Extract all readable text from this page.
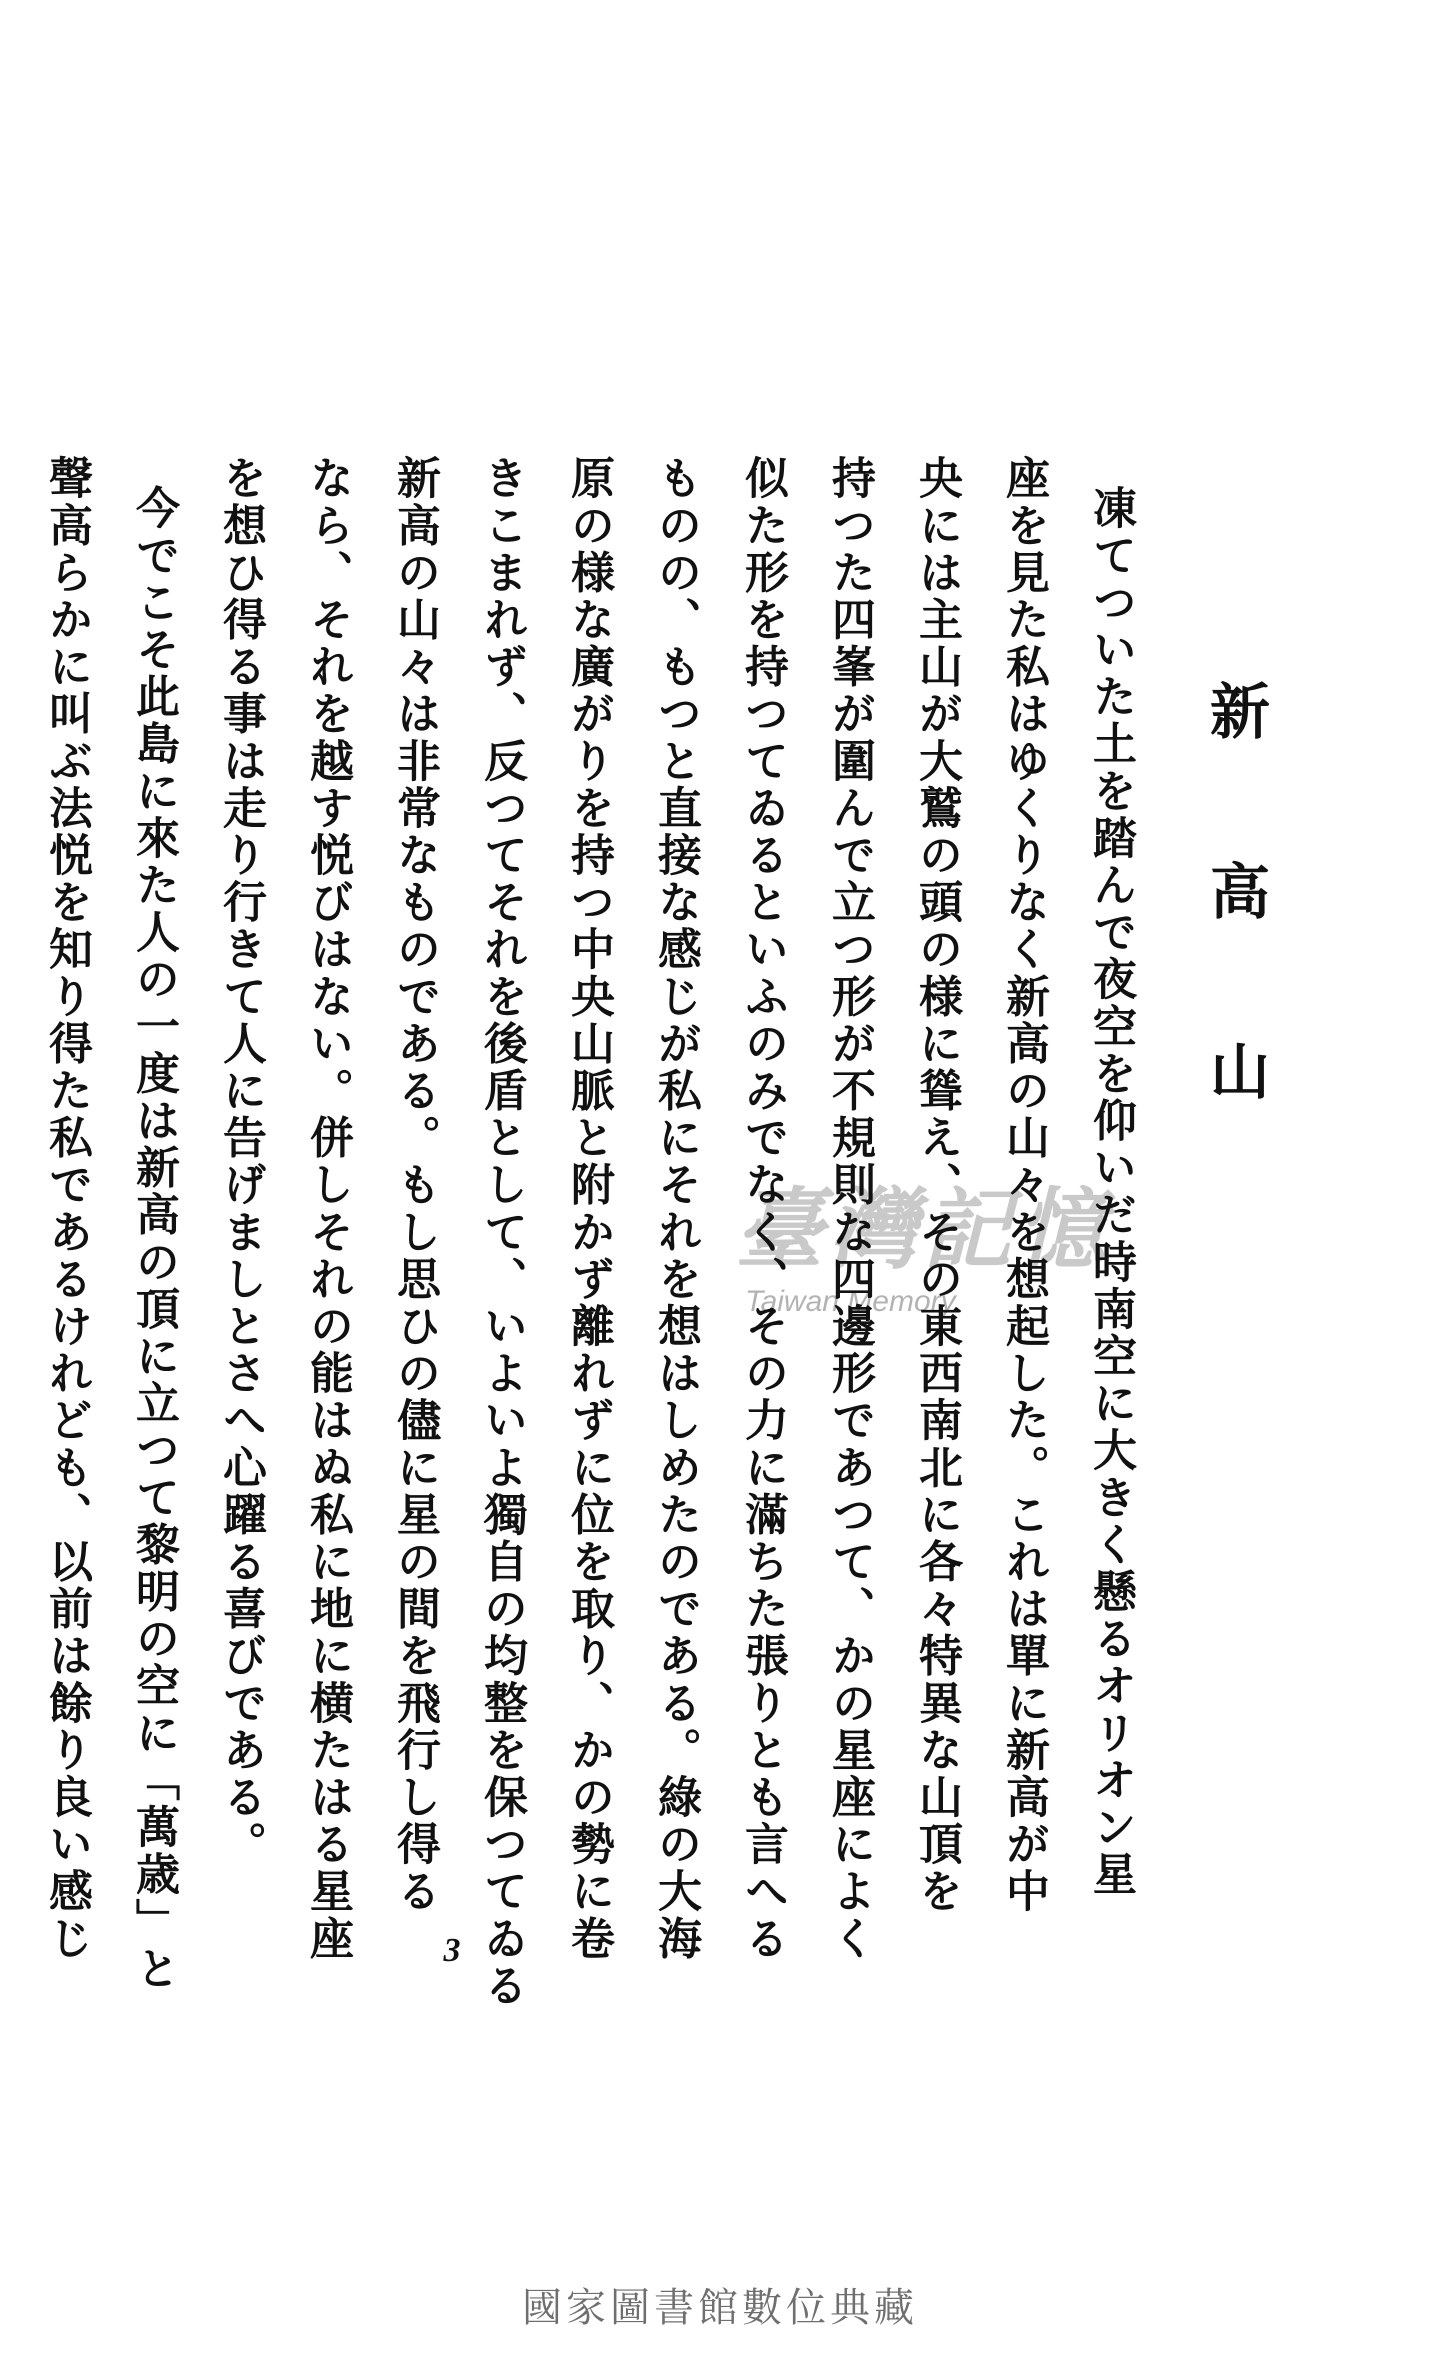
臺灣記憶
Taiwan Memory
新高山
凍てついた土を踏んで夜空を仰いだ時南空に大きく懸るオリオン星
座を見た私はゆくりなく新高の山々を想起した。これは單に新高が中
央には主山が大鷲の頭の様に聳え、その東西南北に各々特異な山頂を
持つた四峯が圍んで立つ形が不規則な四邊形であつて、かの星座によく
似た形を持つてゐるといふのみでなく、その力に滿ちた張りとも言へる
ものの、もつと直接な感じが私にそれを想はしめたのである。綠の大海
原の様な廣がりを持つ中央山脈と附かず離れずに位を取り、かの勢に卷
きこまれず、反つてそれを後盾として、いよいよ獨自の均整を保つてゐる
新高の山々は非常なものである。もし思ひの儘に星の間を飛行し得る
なら、それを越す悦びはない。併しそれの能はぬ私に地に横たはる星座
を想ひ得る事は走り行きて人に告げましとさへ心躍る喜びである。
今でこそ此島に來た人の一度は新高の頂に立つて黎明の空に「萬歳」と
聲高らかに叫ぶ法悦を知り得た私であるけれども、以前は餘り良い感じ	3
國家圖書館數位典藏
